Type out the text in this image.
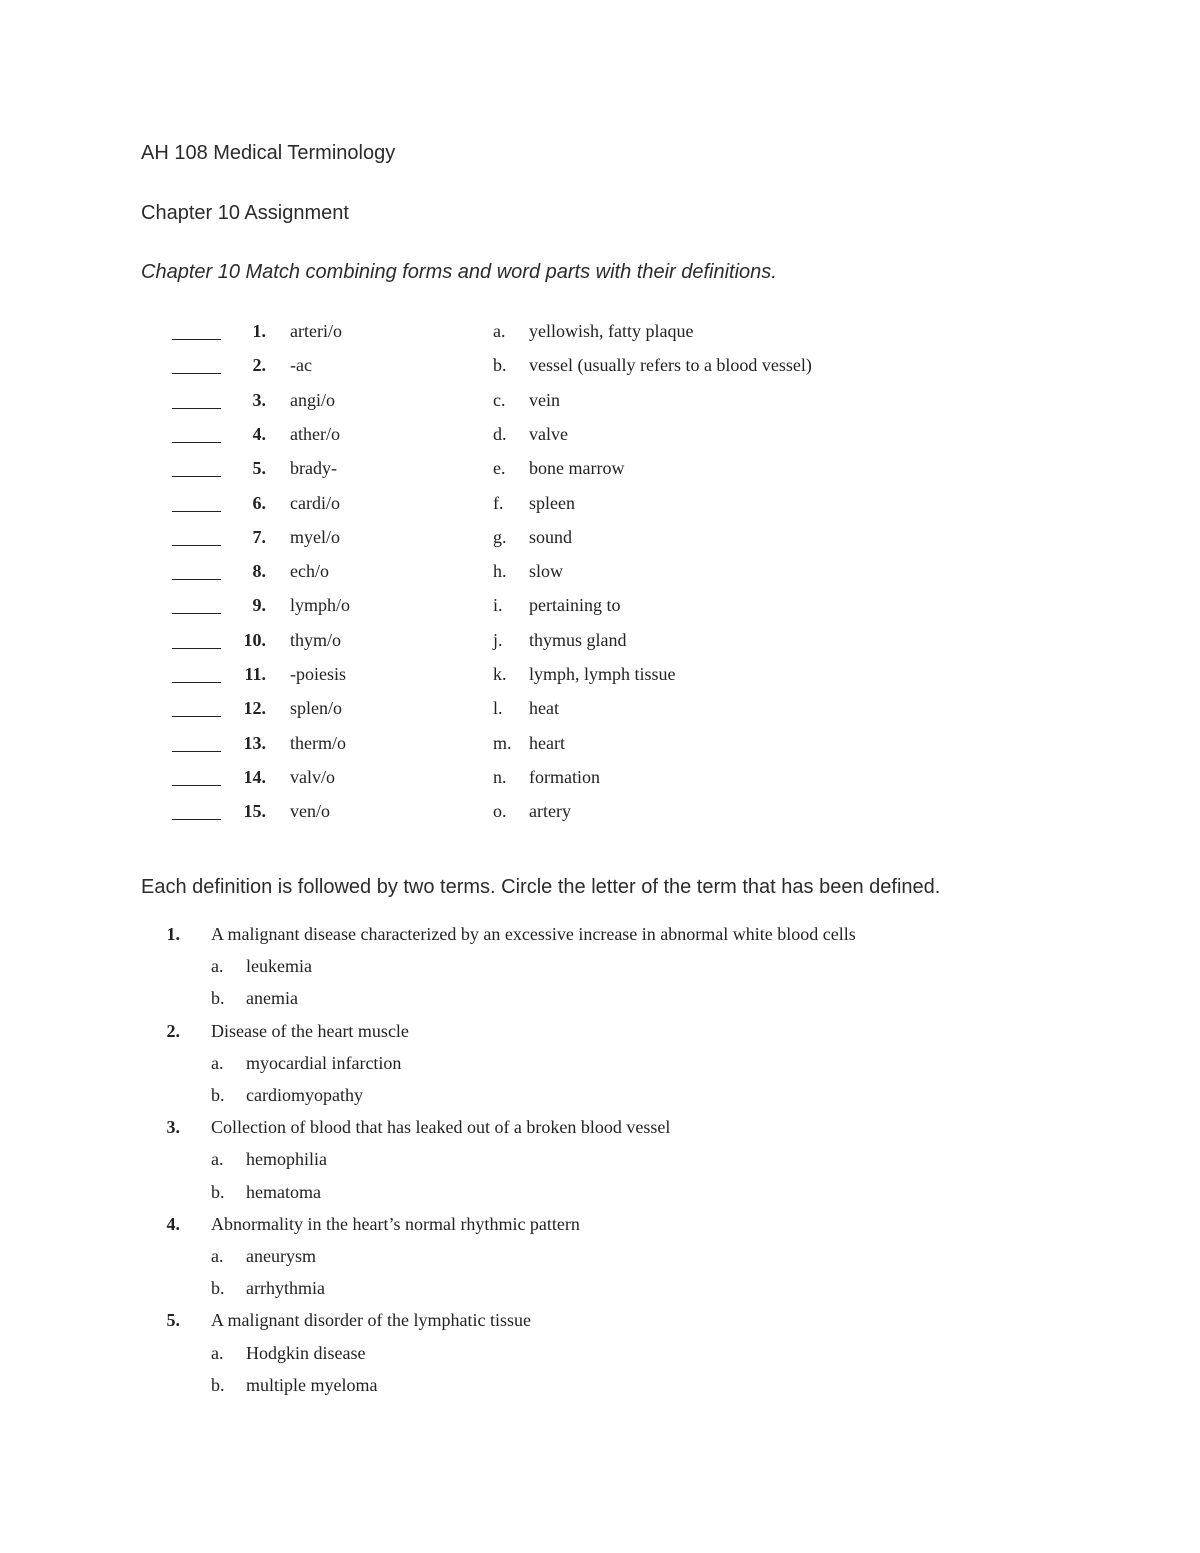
AH 108 Medical Terminology
Chapter 10 Assignment
Chapter 10 Match combining forms and word parts with their definitions.
1. arteri/o	a. yellowish, fatty plaque
2. -ac	b. vessel (usually refers to a blood vessel)
3. angi/o	c. vein
4. ather/o	d. valve
5. brady-	e. bone marrow
6. cardi/o	f. spleen
7. myel/o	g. sound
8. ech/o	h. slow
9. lymph/o	i. pertaining to
10. thym/o	j. thymus gland
11. -poiesis	k. lymph, lymph tissue
12. splen/o	l. heat
13. therm/o	m. heart
14. valv/o	n. formation
15. ven/o	o. artery
Each definition is followed by two terms. Circle the letter of the term that has been defined.
1. A malignant disease characterized by an excessive increase in abnormal white blood cells
a. leukemia
b. anemia
2. Disease of the heart muscle
a. myocardial infarction
b. cardiomyopathy
3. Collection of blood that has leaked out of a broken blood vessel
a. hemophilia
b. hematoma
4. Abnormality in the heart’s normal rhythmic pattern
a. aneurysm
b. arrhythmia
5. A malignant disorder of the lymphatic tissue
a. Hodgkin disease
b. multiple myeloma
